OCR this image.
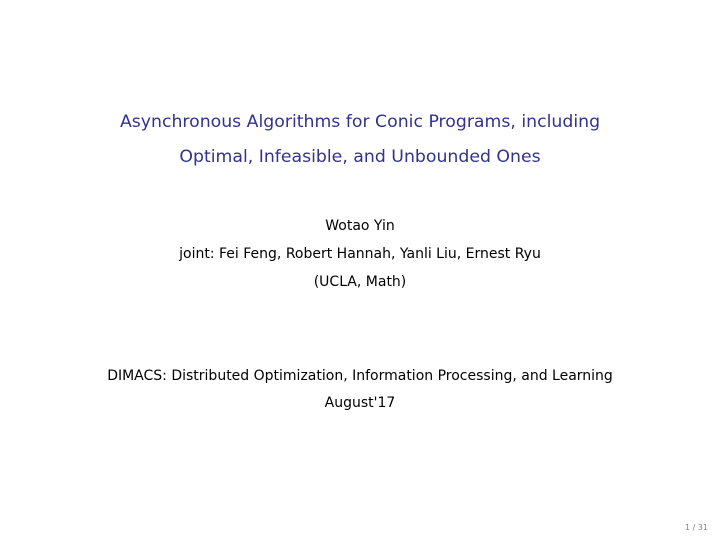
Asynchronous Algorithms for Conic Programs, including
Optimal, Infeasible, and Unbounded Ones
Wotao Yin
joint: Fei Feng, Robert Hannah, Yanli Liu, Ernest Ryu
(UCLA, Math)
DIMACS: Distributed Optimization, Information Processing, and Learning
August'17
1 / 31
